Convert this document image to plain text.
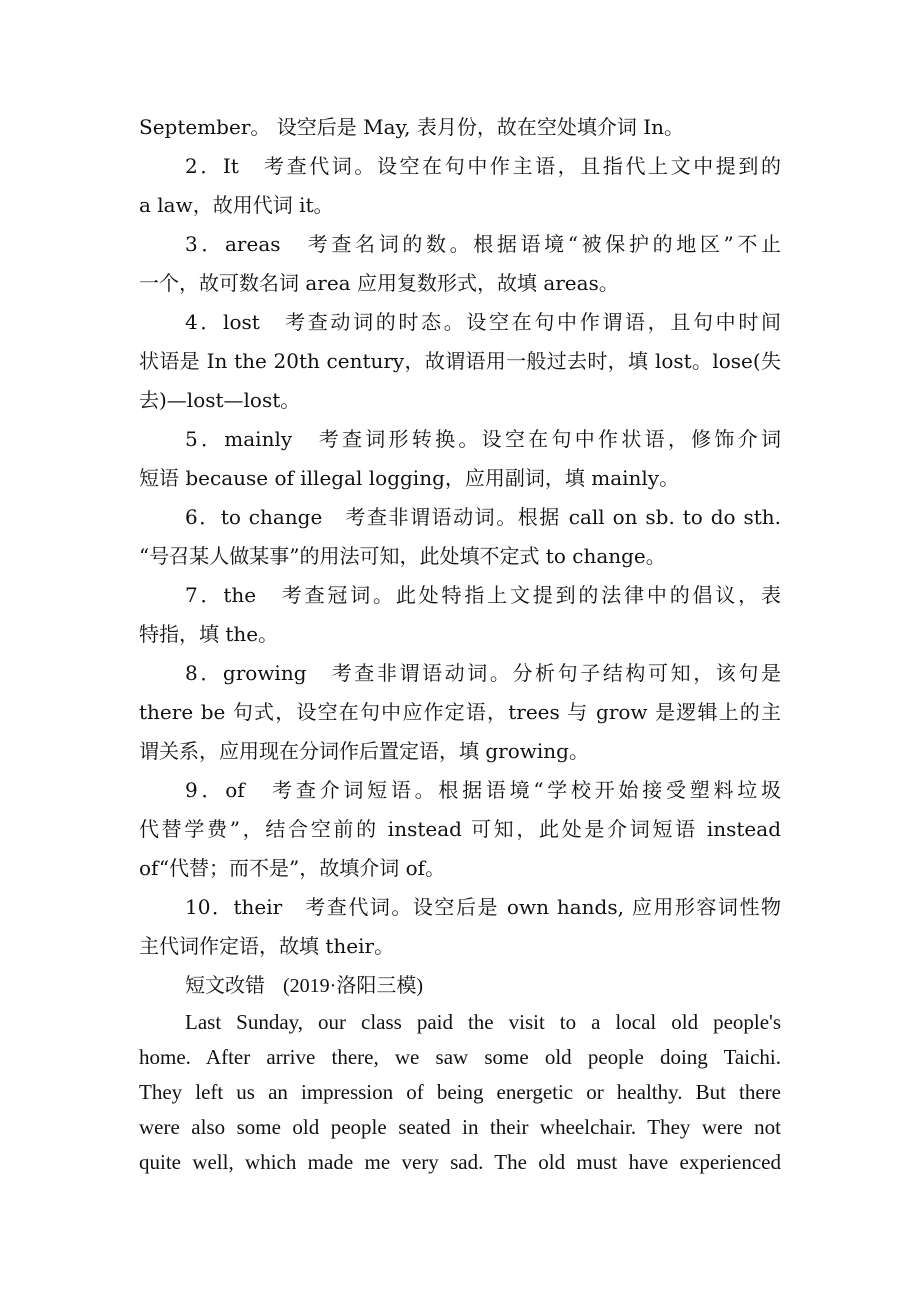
September。 设空后是 May, 表月份，故在空处填介词 In。
2．It　考查代词。设空在句中作主语，且指代上文中提到的
a law，故用代词 it。
3．areas　考查名词的数。根据语境“被保护的地区”不止
一个，故可数名词 area 应用复数形式，故填 areas。
4．lost　考查动词的时态。设空在句中作谓语，且句中时间
状语是 In the 20th century，故谓语用一般过去时，填 lost。lose(失
去)—lost—lost。
5．mainly　考查词形转换。设空在句中作状语，修饰介词
短语 because of illegal logging，应用副词，填 mainly。
6．to change　考查非谓语动词。根据 call on sb. to do sth.
“号召某人做某事”的用法可知，此处填不定式 to change。
7．the　考查冠词。此处特指上文提到的法律中的倡议，表
特指，填 the。
8．growing　考查非谓语动词。分析句子结构可知，该句是
there be 句式，设空在句中应作定语，trees 与 grow 是逻辑上的主
谓关系，应用现在分词作后置定语，填 growing。
9．of　考查介词短语。根据语境“学校开始接受塑料垃圾
代替学费”，结合空前的 instead 可知，此处是介词短语 instead
of“代替；而不是”，故填介词 of。
10．their　考查代词。设空后是 own hands, 应用形容词性物
主代词作定语，故填 their。
短文改错 (2019·洛阳三模)
Last Sunday, our class paid the visit to a local old people's
home. After arrive there, we saw some old people doing Taichi.
They left us an impression of being energetic or healthy. But there
were also some old people seated in their wheelchair. They were not
quite well, which made me very sad. The old must have experienced
